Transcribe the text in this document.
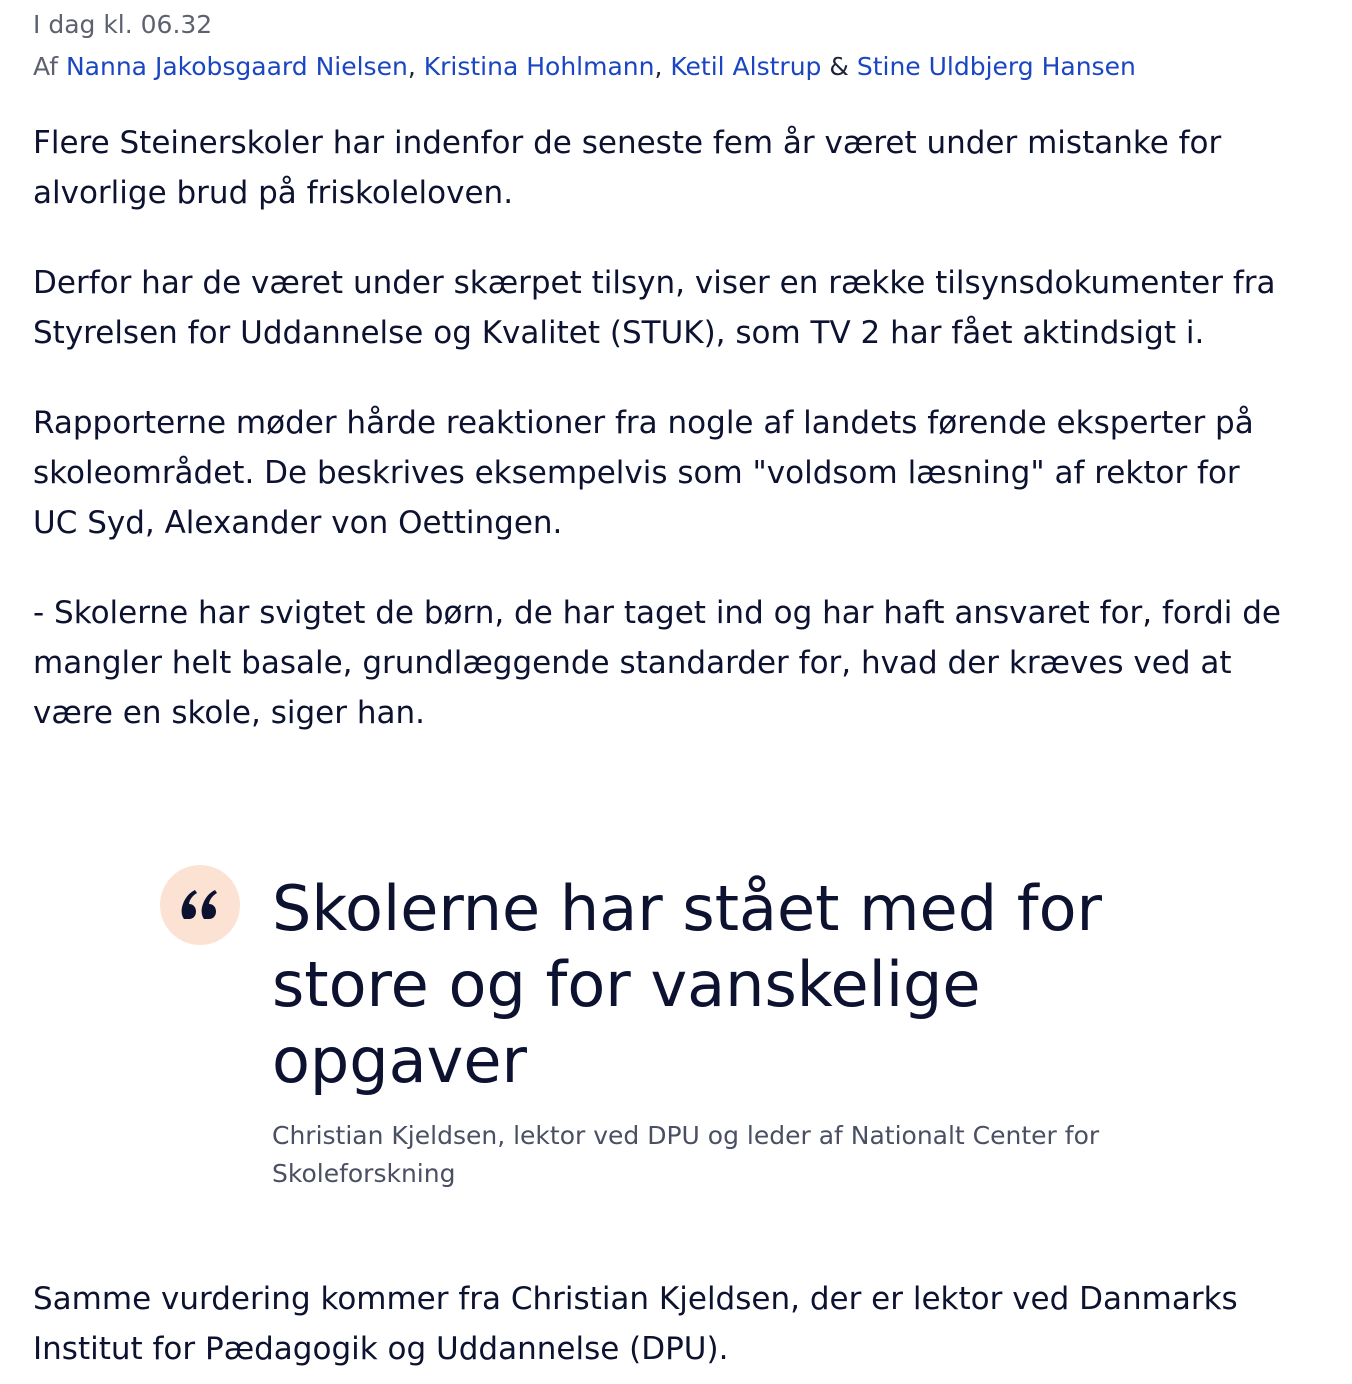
I dag kl. 06.32

Af Nanna Jakobsgaard Nielsen, Kristina Hohlmann, Ketil Alstrup & Stine Uldbjerg Hansen

Flere Steinerskoler har indenfor de seneste fem år været under mistanke for alvorlige brud på friskoleloven.

Derfor har de været under skærpet tilsyn, viser en række tilsynsdokumenter fra Styrelsen for Uddannelse og Kvalitet (STUK), som TV 2 har fået aktindsigt i.

Rapporterne møder hårde reaktioner fra nogle af landets førende eksperter på skoleområdet. De beskrives eksempelvis som "voldsom læsning" af rektor for UC Syd, Alexander von Oettingen.

- Skolerne har svigtet de børn, de har taget ind og har haft ansvaret for, fordi de mangler helt basale, grundlæggende standarder for, hvad der kræves ved at være en skole, siger han.

Skolerne har stået med for store og for vanskelige opgaver
Christian Kjeldsen, lektor ved DPU og leder af Nationalt Center for Skoleforskning

Samme vurdering kommer fra Christian Kjeldsen, der er lektor ved Danmarks Institut for Pædagogik og Uddannelse (DPU).
